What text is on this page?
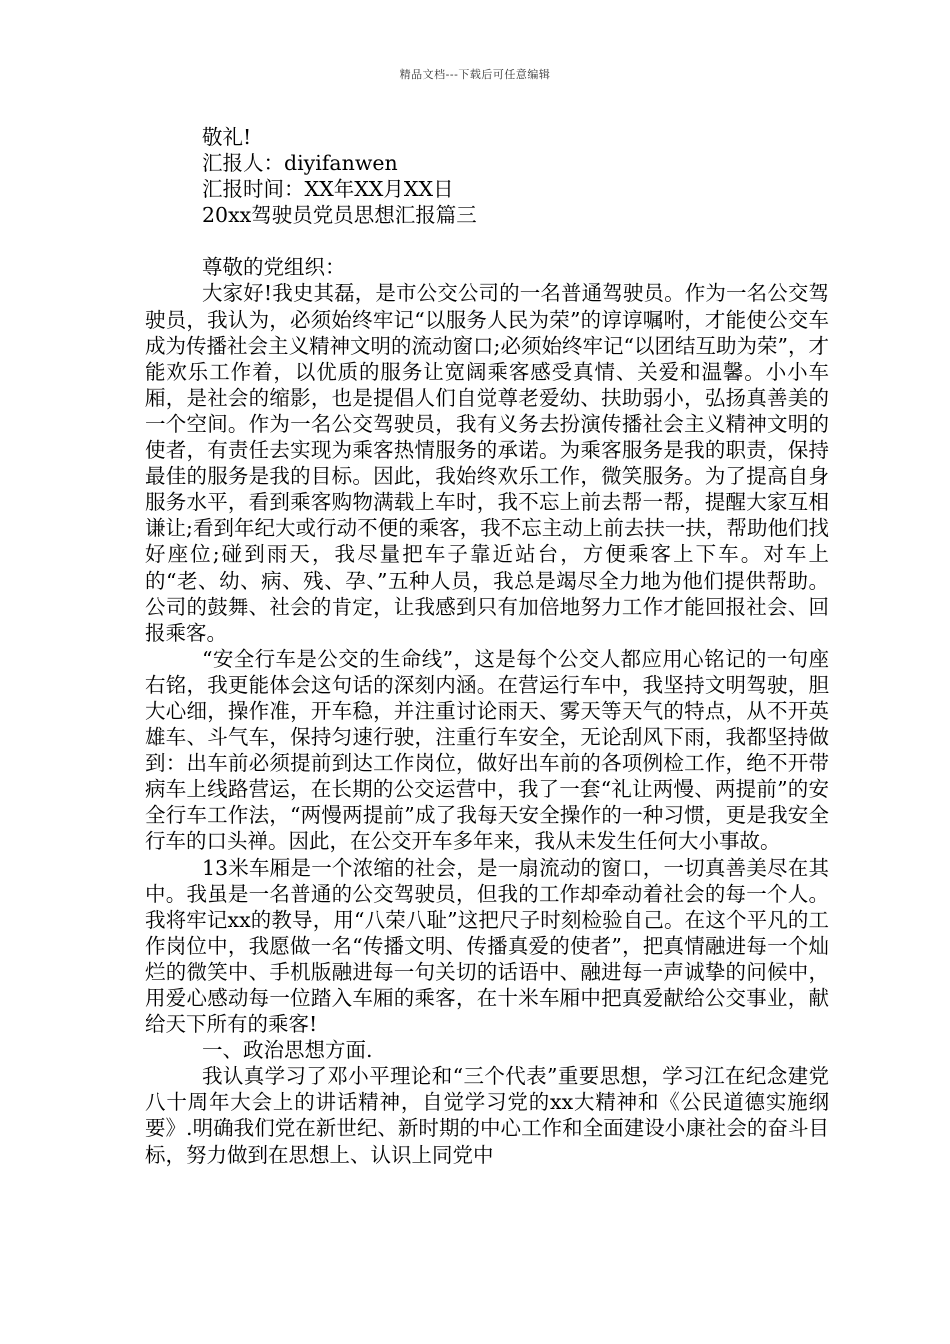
精品文档---下载后可任意编辑
敬礼!
汇报人：diyifanwen
汇报时间：XX年XX月XX日
20xx驾驶员党员思想汇报篇三
尊敬的党组织：

大家好!我史其磊，是市公交公司的一名普通驾驶员。作为一名公交驾驶员，我认为，必须始终牢记“以服务人民为荣”的谆谆嘱咐，才能使公交车成为传播社会主义精神文明的流动窗口;必须始终牢记“以团结互助为荣”，才能欢乐工作着，以优质的服务让宽阔乘客感受真情、关爱和温馨。小小车厢，是社会的缩影，也是提倡人们自觉尊老爱幼、扶助弱小，弘扬真善美的一个空间。作为一名公交驾驶员，我有义务去扮演传播社会主义精神文明的使者，有责任去实现为乘客热情服务的承诺。为乘客服务是我的职责，保持最佳的服务是我的目标。因此，我始终欢乐工作，微笑服务。为了提高自身服务水平，看到乘客购物满载上车时，我不忘上前去帮一帮，提醒大家互相谦让;看到年纪大或行动不便的乘客，我不忘主动上前去扶一扶，帮助他们找好座位;碰到雨天，我尽量把车子靠近站台，方便乘客上下车。对车上的“老、幼、病、残、孕、”五种人员，我总是竭尽全力地为他们提供帮助。公司的鼓舞、社会的肯定，让我感到只有加倍地努力工作才能回报社会、回报乘客。

“安全行车是公交的生命线”，这是每个公交人都应用心铭记的一句座右铭，我更能体会这句话的深刻内涵。在营运行车中，我坚持文明驾驶，胆大心细，操作准，开车稳，并注重讨论雨天、雾天等天气的特点，从不开英雄车、斗气车，保持匀速行驶，注重行车安全，无论刮风下雨，我都坚持做到：出车前必须提前到达工作岗位，做好出车前的各项例检工作，绝不开带病车上线路营运，在长期的公交运营中，我了一套“礼让两慢、两提前”的安全行车工作法，“两慢两提前”成了我每天安全操作的一种习惯，更是我安全行车的口头禅。因此，在公交开车多年来，我从未发生任何大小事故。

13米车厢是一个浓缩的社会，是一扇流动的窗口，一切真善美尽在其中。我虽是一名普通的公交驾驶员，但我的工作却牵动着社会的每一个人。我将牢记xx的教导，用“八荣八耻”这把尺子时刻检验自己。在这个平凡的工作岗位中，我愿做一名“传播文明、传播真爱的使者”，把真情融进每一个灿烂的微笑中、手机版融进每一句关切的话语中、融进每一声诚挚的问候中，用爱心感动每一位踏入车厢的乘客，在十米车厢中把真爱献给公交事业，献给天下所有的乘客!

一、政治思想方面.

我认真学习了邓小平理论和“三个代表”重要思想，学习江在纪念建党八十周年大会上的讲话精神，自觉学习党的xx大精神和《公民道德实施纲要》.明确我们党在新世纪、新时期的中心工作和全面建设小康社会的奋斗目标，努力做到在思想上、认识上同党中
